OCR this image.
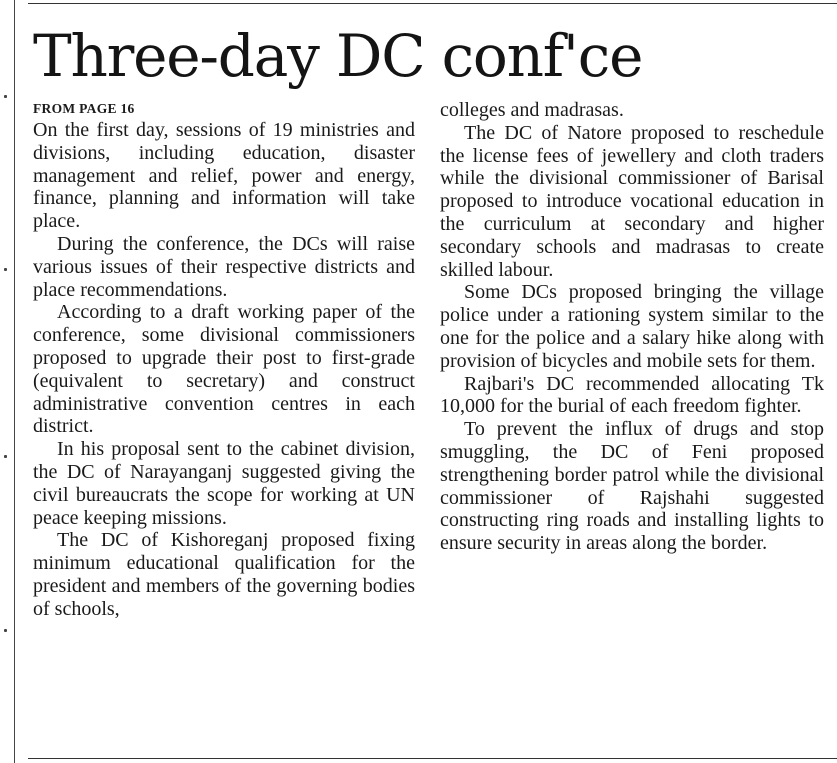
Three-day DC conf'ce
FROM PAGE 16

On the first day, sessions of 19 ministries and divisions, including education, disaster management and relief, power and energy, finance, planning and information will take place.

During the conference, the DCs will raise various issues of their respective districts and place recommendations.

According to a draft working paper of the conference, some divisional commissioners proposed to upgrade their post to first-grade (equivalent to secretary) and construct administrative convention centres in each district.

In his proposal sent to the cabinet division, the DC of Narayanganj suggested giving the civil bureaucrats the scope for working at UN peace keeping missions.

The DC of Kishoreganj proposed fixing minimum educational qualification for the president and members of the governing bodies of schools,

colleges and madrasas.

The DC of Natore proposed to reschedule the license fees of jewellery and cloth traders while the divisional commissioner of Barisal proposed to introduce vocational education in the curriculum at secondary and higher secondary schools and madrasas to create skilled labour.

Some DCs proposed bringing the village police under a rationing system similar to the one for the police and a salary hike along with provision of bicycles and mobile sets for them.

Rajbari's DC recommended allocating Tk 10,000 for the burial of each freedom fighter.

To prevent the influx of drugs and stop smuggling, the DC of Feni proposed strengthening border patrol while the divisional commissioner of Rajshahi suggested constructing ring roads and installing lights to ensure security in areas along the border.
